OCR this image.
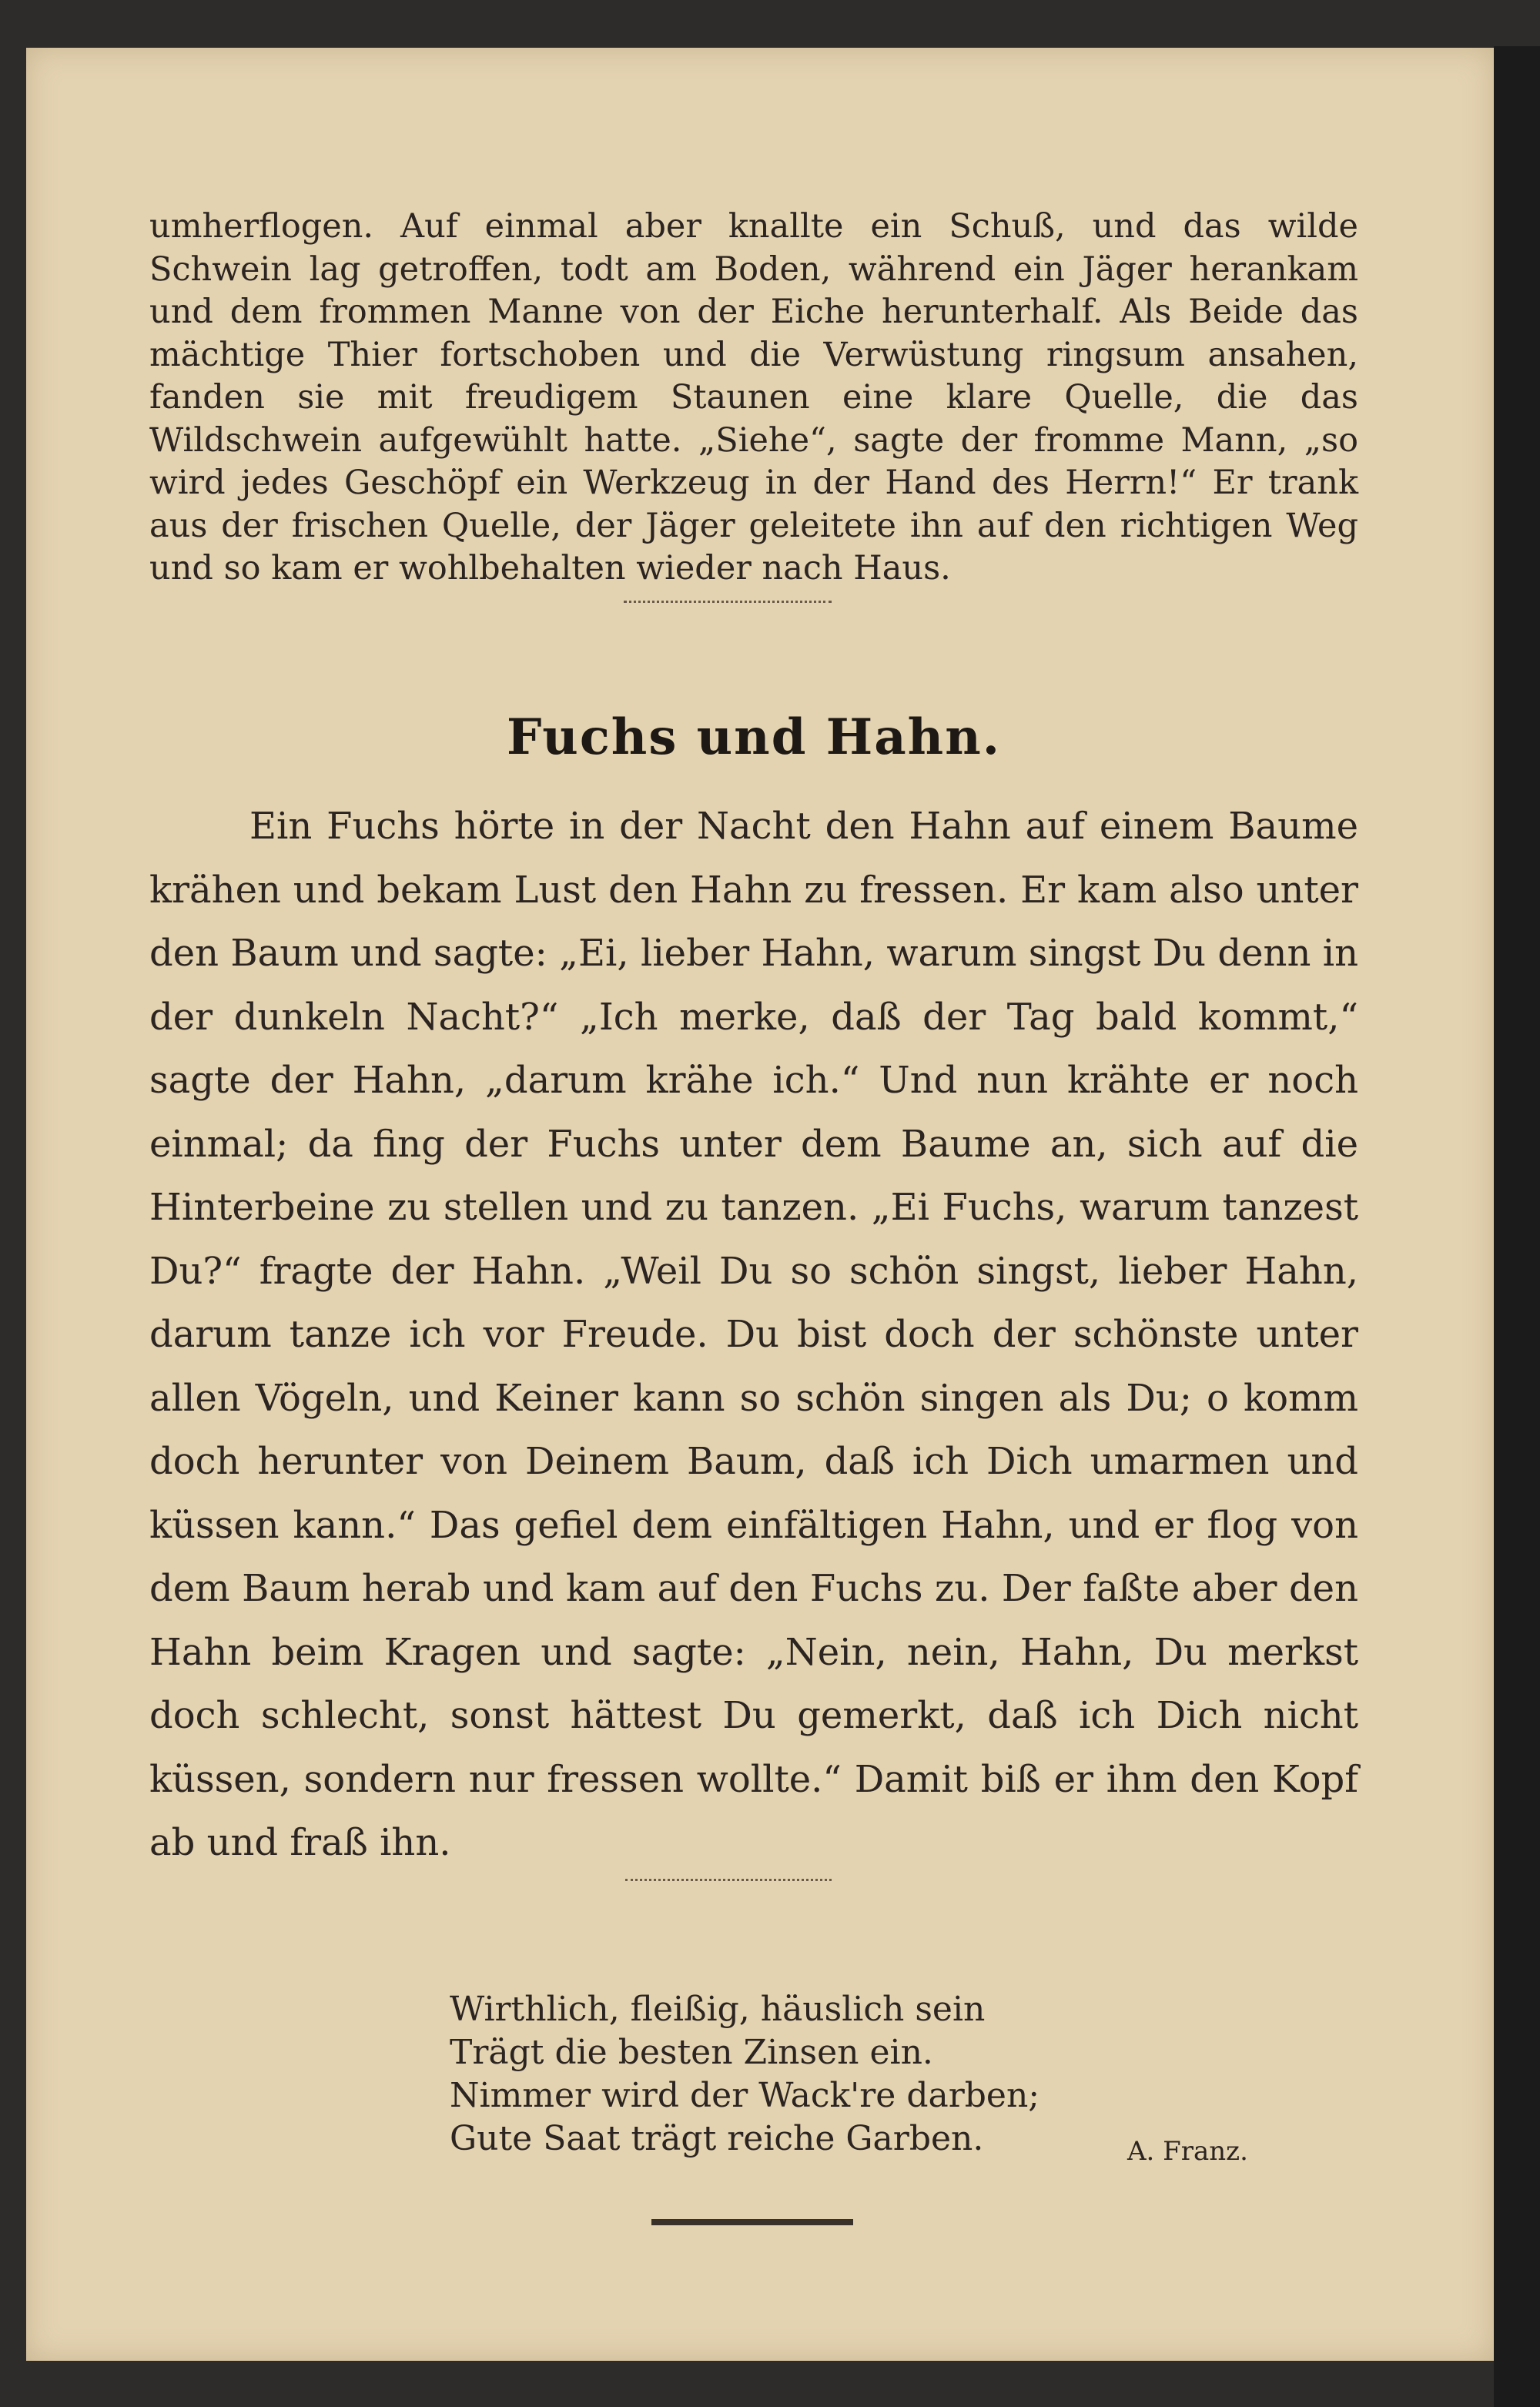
umherflogen. Auf einmal aber knallte ein Schuß, und das wilde Schwein lag getroffen, todt am Boden, während ein Jäger herankam und dem frommen Manne von der Eiche herunterhalf. Als Beide das mächtige Thier fortschoben und die Verwüstung ringsum ansahen, fanden sie mit freudigem Staunen eine klare Quelle, die das Wildschwein aufgewühlt hatte. „Siehe“, sagte der fromme Mann, „so wird jedes Geschöpf ein Werkzeug in der Hand des Herrn!“ Er trank aus der frischen Quelle, der Jäger geleitete ihn auf den richtigen Weg und so kam er wohlbehalten wieder nach Haus.

Fuchs und Hahn.

Ein Fuchs hörte in der Nacht den Hahn auf einem Baume krähen und bekam Lust den Hahn zu fressen. Er kam also unter den Baum und sagte: „Ei, lieber Hahn, warum singst Du denn in der dunkeln Nacht?“ „Ich merke, daß der Tag bald kommt,“ sagte der Hahn, „darum krähe ich.“ Und nun krähte er noch einmal; da fing der Fuchs unter dem Baume an, sich auf die Hinterbeine zu stellen und zu tanzen. „Ei Fuchs, warum tanzest Du?“ fragte der Hahn. „Weil Du so schön singst, lieber Hahn, darum tanze ich vor Freude. Du bist doch der schönste unter allen Vögeln, und Keiner kann so schön singen als Du; o komm doch herunter von Deinem Baum, daß ich Dich umarmen und küssen kann.“ Das gefiel dem einfältigen Hahn, und er flog von dem Baum herab und kam auf den Fuchs zu. Der faßte aber den Hahn beim Kragen und sagte: „Nein, nein, Hahn, Du merkst doch schlecht, sonst hättest Du gemerkt, daß ich Dich nicht küssen, sondern nur fressen wollte.“ Damit biß er ihm den Kopf ab und fraß ihn.

Wirthlich, fleißig, häuslich sein
Trägt die besten Zinsen ein.
Nimmer wird der Wack're darben;
Gute Saat trägt reiche Garben.	A. Franz.
